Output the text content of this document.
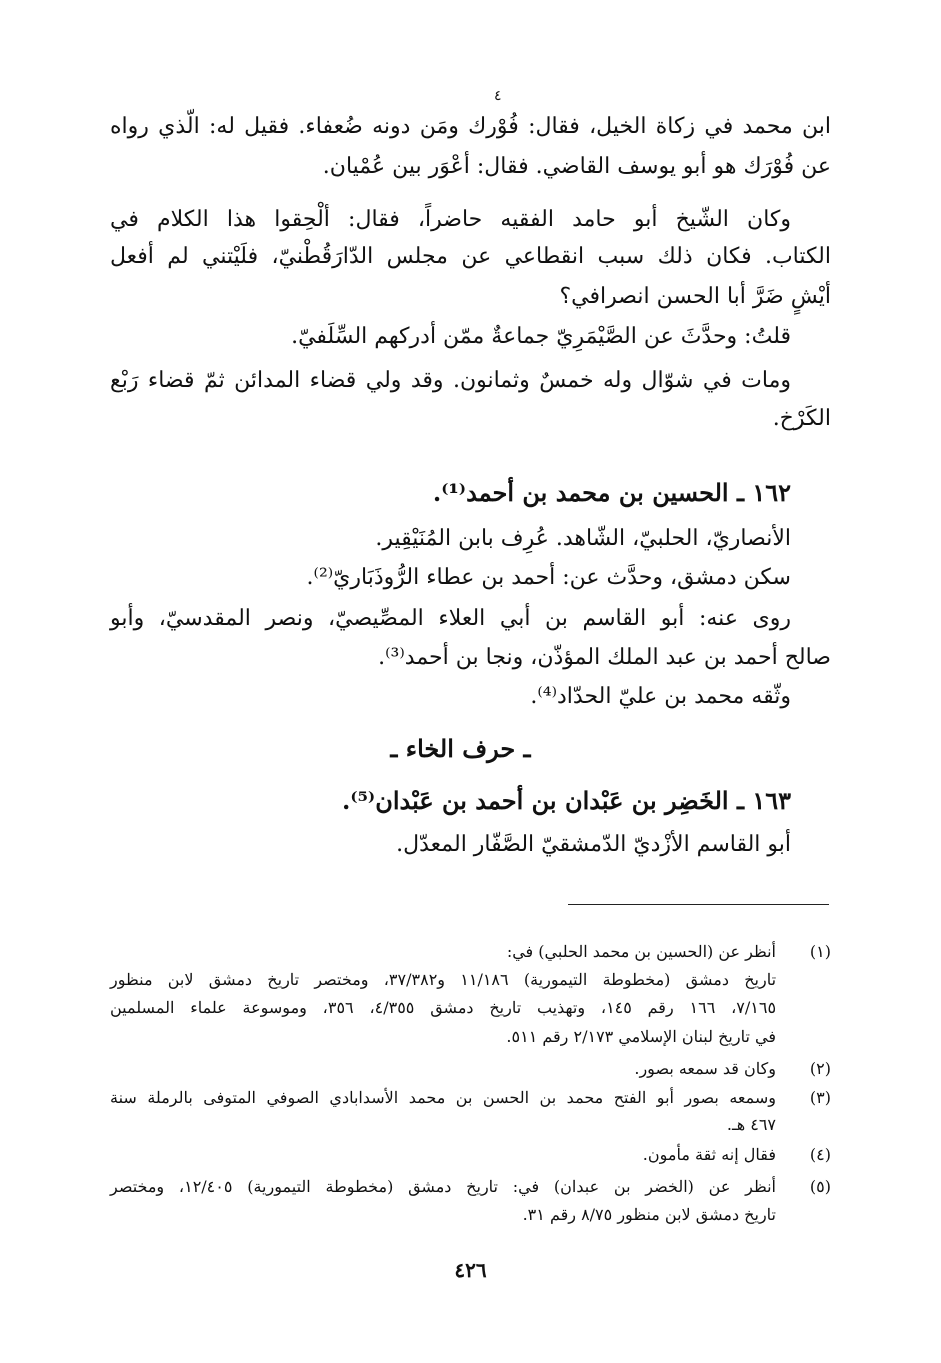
٤
ابن محمد في زكاة الخيل، فقال: فُوْرك ومَن دونه ضُعفاء. فقيل له: الّذي رواه
عن فُوْرَك هو أبو يوسف القاضي. فقال: أعْوَر بين عُمْيان.
وكان الشّيخ أبو حامد الفقيه حاضراً، فقال: ألْحِقوا هذا الكلام في
الكتاب. فكان ذلك سبب انقطاعي عن مجلس الدّارَقُطْنيّ، فلَيْتني لم أفعل
أيْشٍ ضَرَّ أبا الحسن انصرافي؟
قلتُ: وحدَّثَ عن الصَّيْمَرِيّ جماعةٌ ممّن أدركهم السِّلَفيّ.
ومات في شوّال وله خمسٌ وثمانون. وقد ولي قضاء المدائن ثمّ قضاء رَبْع
الكَرْخ.
١٦٢ ـ الحسين بن محمد بن أحمد⁽¹⁾.
الأنصاريّ، الحلبيّ، الشّاهد. عُرِف بابن المُنَيْقِير.
سكن دمشق، وحدَّث عن: أحمد بن عطاء الرُّوذَبَاريّ⁽²⁾.
روى عنه: أبو القاسم بن أبي العلاء المصِّيصيّ، ونصر المقدسيّ، وأبو
صالح أحمد بن عبد الملك المؤذّن، ونجا بن أحمد⁽³⁾.
وثّقه محمد بن عليّ الحدّاد⁽⁴⁾.
ـ حرف الخاء ـ
١٦٣ ـ الخَضِر بن عَبْدان بن أحمد بن عَبْدان⁽⁵⁾.
أبو القاسم الأزْديّ الدّمشقيّ الصَّفّار المعدّل.
(١)
أنظر عن (الحسين بن محمد الحلبي) في:
تاريخ دمشق (مخطوطة التيمورية) ١١/١٨٦ و٣٧/٣٨٢، ومختصر تاريخ دمشق لابن منظور
٧/١٦٥، ١٦٦ رقم ١٤٥، وتهذيب تاريخ دمشق ٤/٣٥٥، ٣٥٦، وموسوعة علماء المسلمين
في تاريخ لبنان الإسلامي ٢/١٧٣ رقم ٥١١.
(٢)
وكان قد سمعه بصور.
(٣)
وسمعه بصور أبو الفتح محمد بن الحسن بن محمد الأسدابادي الصوفي المتوفى بالرملة سنة
٤٦٧ هـ.
(٤)
فقال إنه ثقة مأمون.
(٥)
أنظر عن (الخضر بن عبدان) في: تاريخ دمشق (مخطوطة التيمورية) ١٢/٤٠٥، ومختصر
تاريخ دمشق لابن منظور ٨/٧٥ رقم ٣١.
٤٢٦
